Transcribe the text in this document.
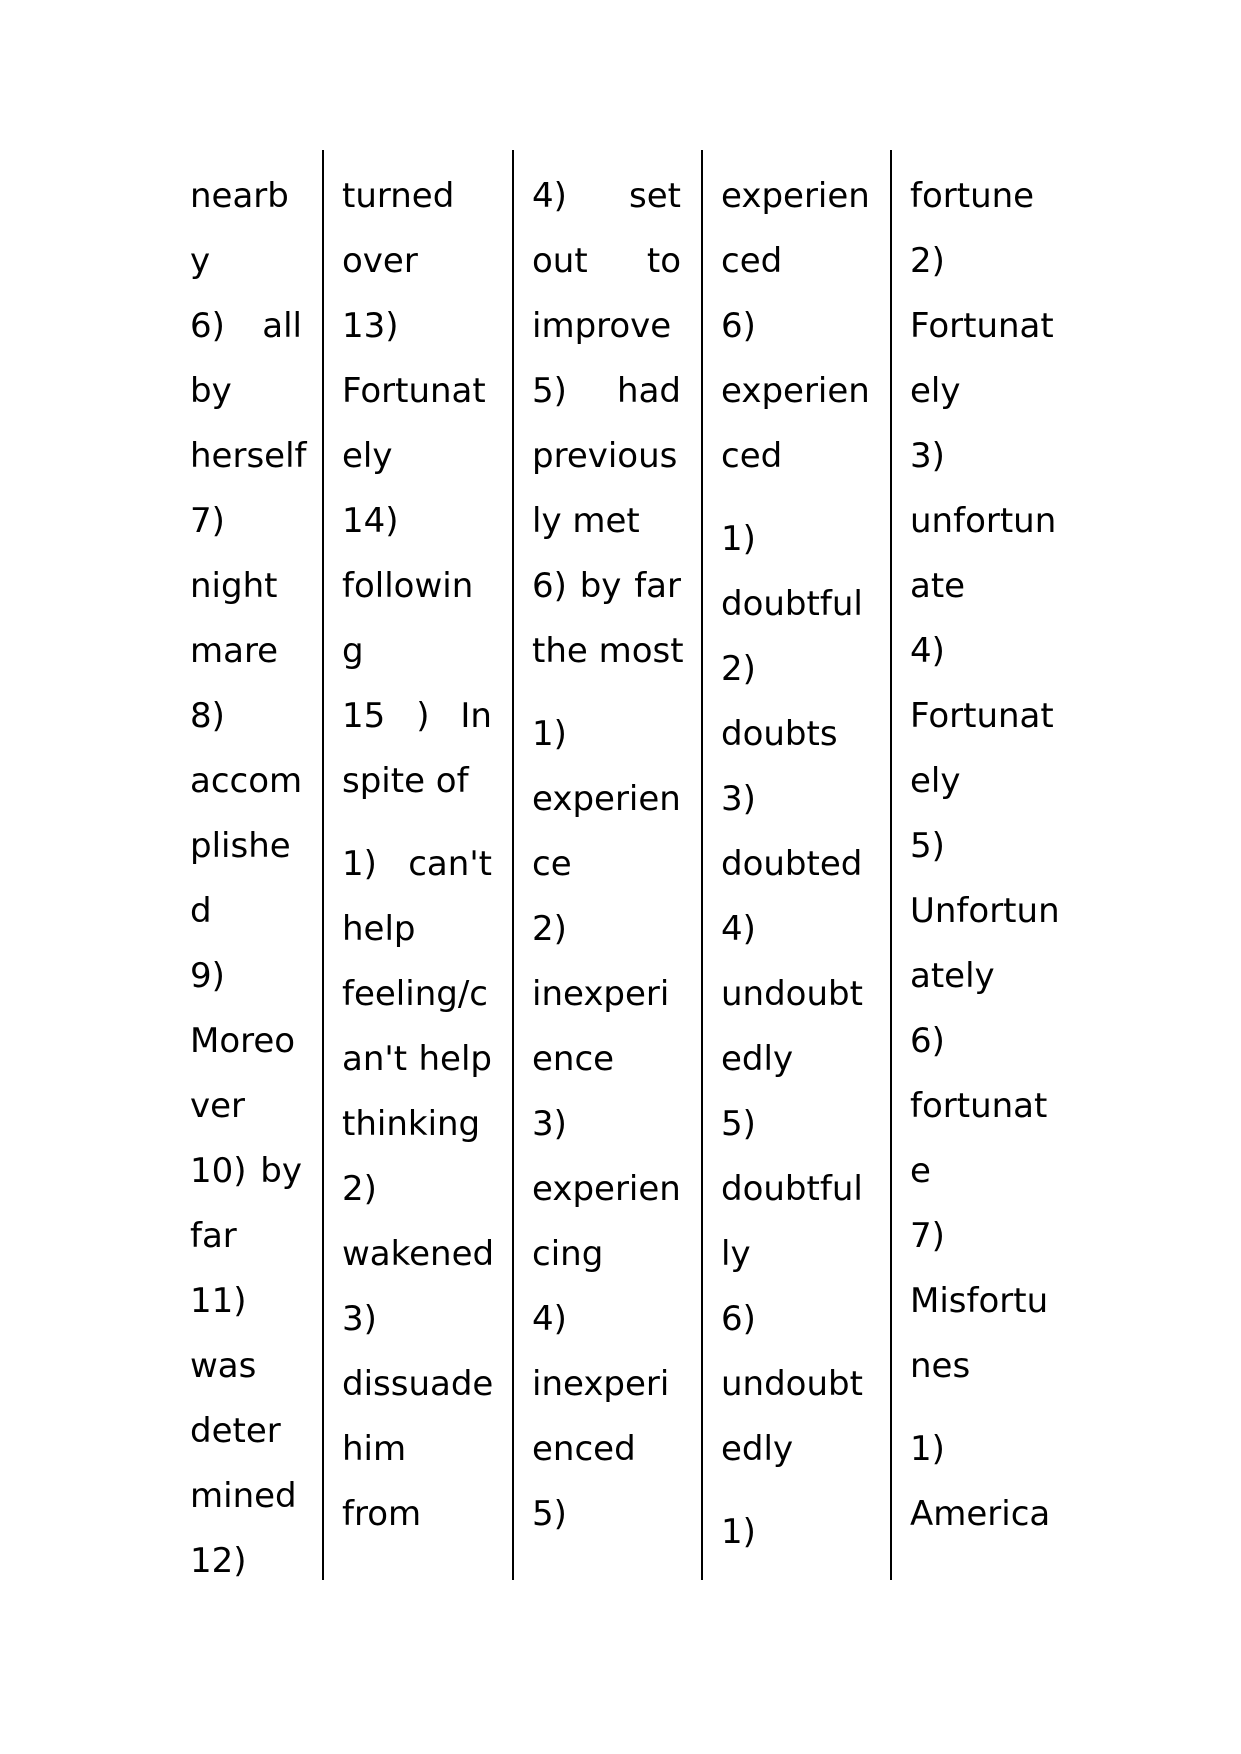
nearb
y
6) all
by
herself
7)
night
mare
8)
accom
plishe
d
9)
Moreo
ver
10) by
far
11)
was
deter
mined
12)
turned
over
13)
Fortunat
ely
14)
followin
g
15 ) In
spite of
1) can't
help
feeling/c
an't help
thinking
2)
wakened
3)
dissuade
him
from
4) set
out to
improve
5) had
previous
ly met
6) by far
the most
1)
experien
ce
2)
inexperi
ence
3)
experien
cing
4)
inexperi
enced
5)
experien
ced
6)
experien
ced
1)
doubtful
2)
doubts
3)
doubted
4)
undoubt
edly
5)
doubtful
ly
6)
undoubt
edly
1)
fortune
2)
Fortunat
ely
3)
unfortun
ate
4)
Fortunat
ely
5)
Unfortun
ately
6)
fortunat
e
7)
Misfortu
nes
1)
America
